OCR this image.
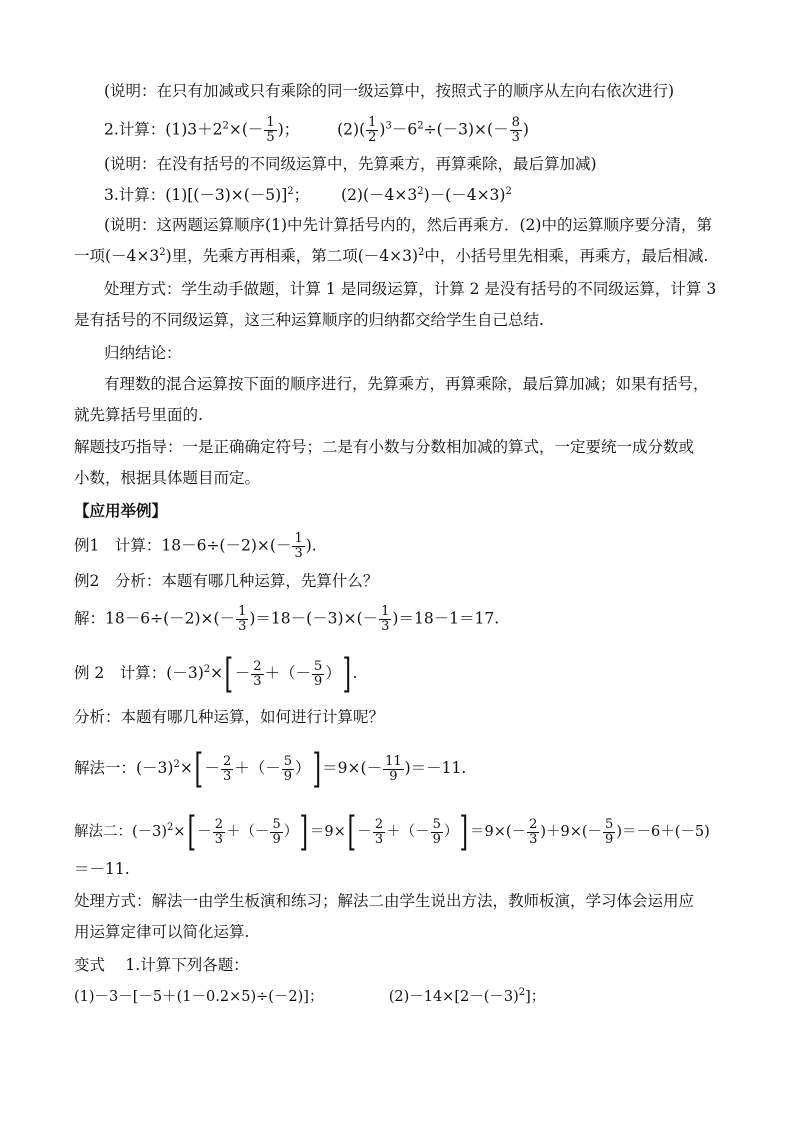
(说明：在只有加减或只有乘除的同一级运算中，按照式子的顺序从左向右依次进行)
2.计算：$(1)3+2^2\times(- \frac{1}{5}$ )； $(2)( \frac{1}{2} )^3-6^2\div(-3)\times(- \frac{8}{3}$ )
(说明：在没有括号的不同级运算中，先算乘方，再算乘除，最后算加减)
3.计算：$(1)[(-3)\times(-5)]^2$； $(2)(-4\times 3^2)-(-4\times 3)^2$
(说明：这两题运算顺序(1)中先计算括号内的，然后再乘方．(2)中的运算顺序要分清，第
一项$(-4\times 3^2)$里，先乘方再相乘，第二项$(-4\times 3)^2$中，小括号里先相乘，再乘方，最后相减.
处理方式：学生动手做题，计算 1 是同级运算，计算 2 是没有括号的不同级运算，计算 3
是有括号的不同级运算，这三种运算顺序的归纳都交给学生自己总结.
归纳结论：
有理数的混合运算按下面的顺序进行，先算乘方，再算乘除，最后算加减；如果有括号，
就先算括号里面的.
解题技巧指导：一是正确确定符号；二是有小数与分数相加减的算式，一定要统一成分数或
小数，根据具体题目而定。
【应用举例】
例1　计算：$18-6\div(-2)\times(- \frac{1}{3}$ ).
例2　分析：本题有哪几种运算，先算什么？
解：$18-6\div(-2)\times(- \frac{1}{3} )=18-(-3)\times(- \frac{1}{3} )=18-1=17$.
例 2　计算：$(-3)^2\times[- \frac{2}{3}$ ＋（－ $\frac{5}{9}$ ）].
分析：本题有哪几种运算，如何进行计算呢？
解法一：$(-3)^2\times[- \frac{2}{3}$ ＋（－ $\frac{5}{9} )]=9\times(- \frac{11}{9} )=-11$.
解法二：$(-3)^2\times[ - \frac{2}{3}$ ＋（－ $\frac{5}{9}$ ）] $=9\times[ - \frac{2}{3}$ ＋（－ $\frac{5}{9}$ ）] $=9\times(- \frac{2}{3} )+9\times(- \frac{5}{9} )=-6+(-5)$
＝－11.
处理方式：解法一由学生板演和练习；解法二由学生说出方法，教师板演，学习体会运用应
用运算定律可以简化运算.
变式　 1.计算下列各题：
(1)－3－[－5＋(1－0.2×5)÷(－2)]；	$(2)-14\times[2-(-3)^2]$；
